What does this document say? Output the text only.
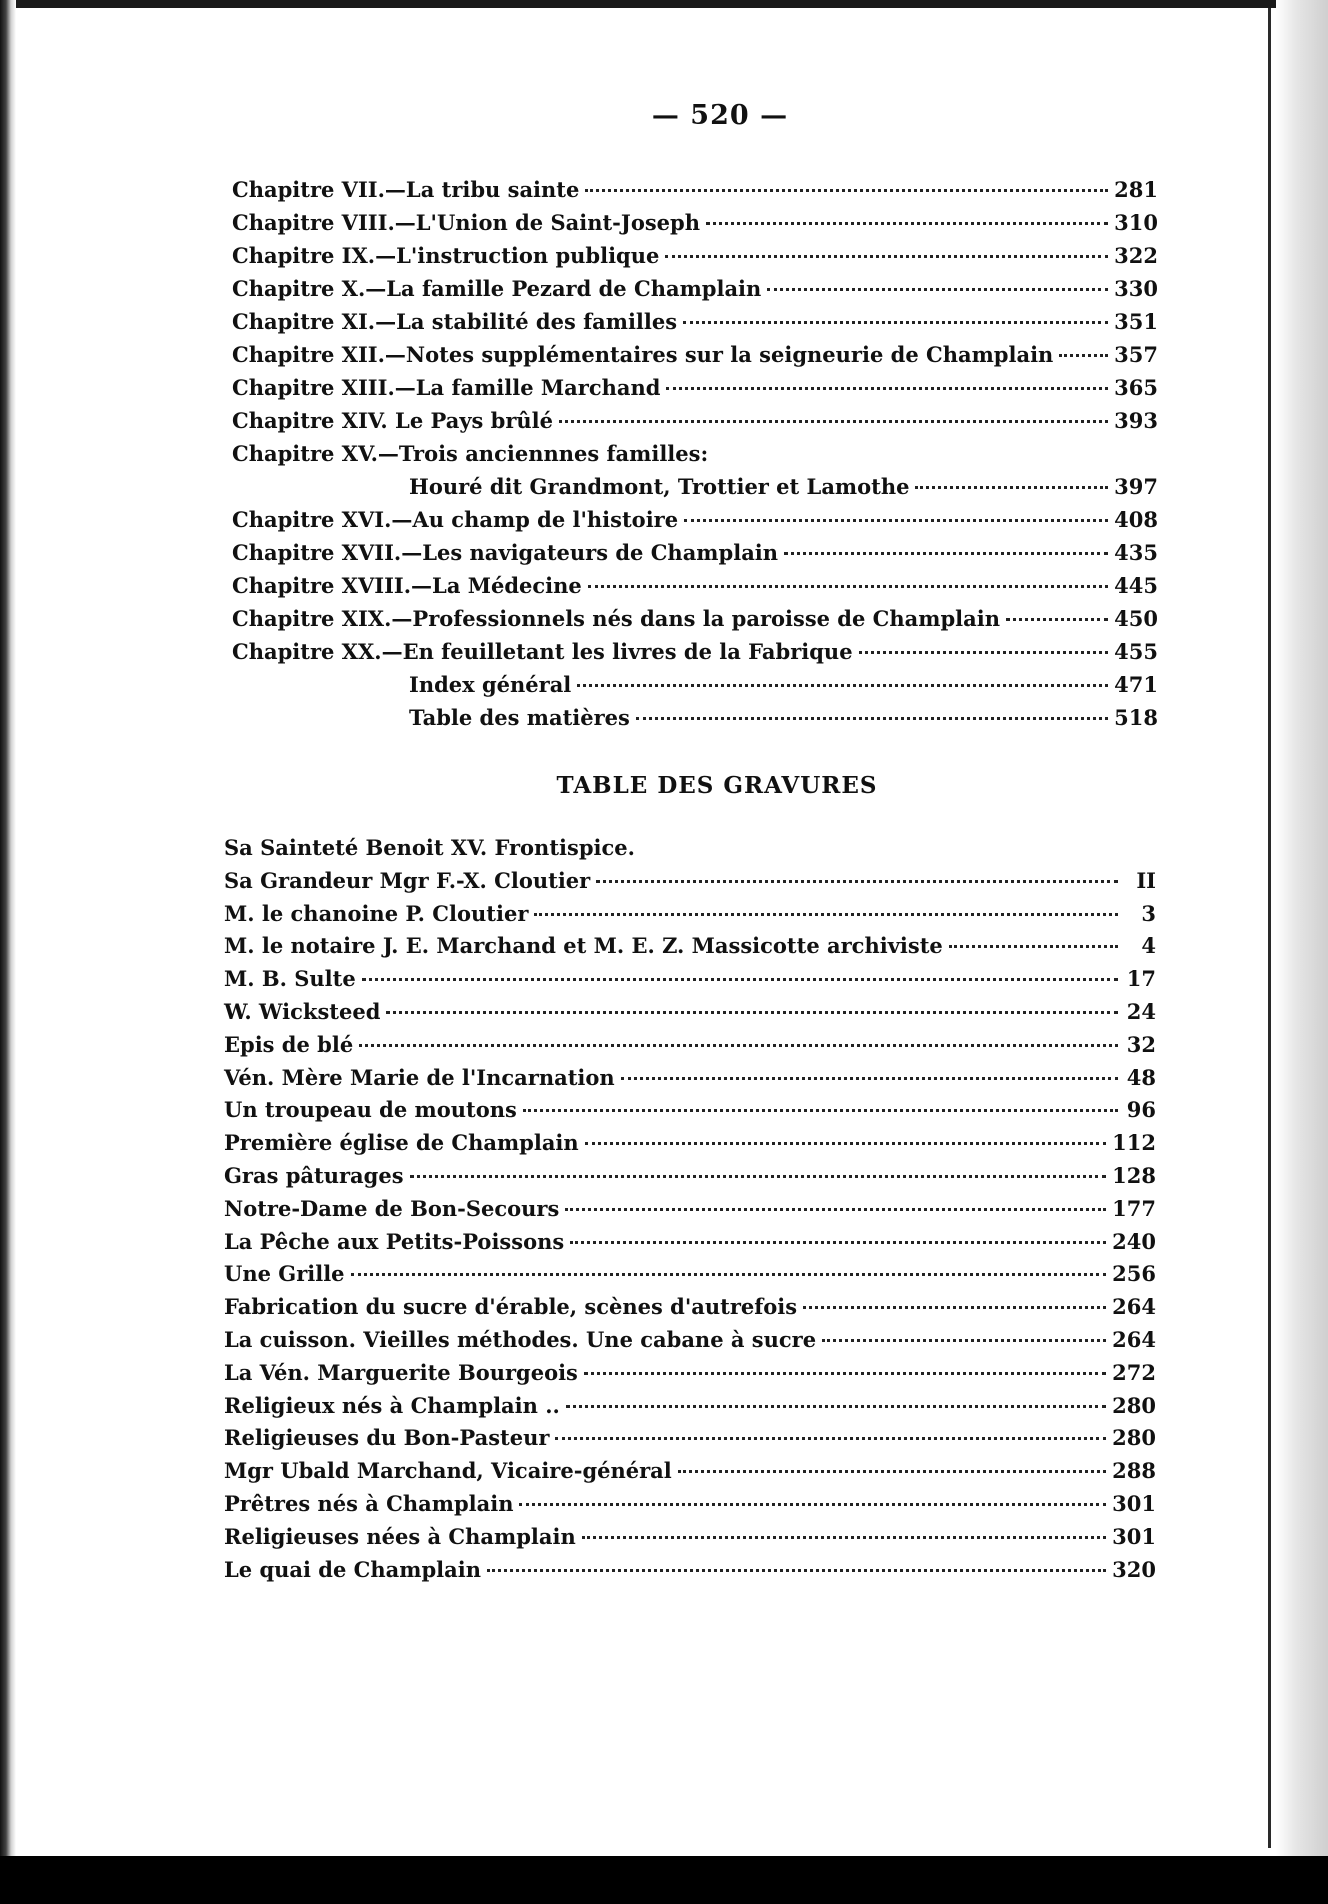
— 520 —
Chapitre VII.—La tribu sainte	281
Chapitre VIII.—L'Union de Saint-Joseph	310
Chapitre IX.—L'instruction publique	322
Chapitre X.—La famille Pezard de Champlain	330
Chapitre XI.—La stabilité des familles	351
Chapitre XII.—Notes supplémentaires sur la seigneurie de Champlain	357
Chapitre XIII.—La famille Marchand	365
Chapitre XIV. Le Pays brûlé	393
Chapitre XV.—Trois anciennnes familles:
Houré dit Grandmont, Trottier et Lamothe	397
Chapitre XVI.—Au champ de l'histoire	408
Chapitre XVII.—Les navigateurs de Champlain	435
Chapitre XVIII.—La Médecine	445
Chapitre XIX.—Professionnels nés dans la paroisse de Champlain	450
Chapitre XX.—En feuilletant les livres de la Fabrique	455
Index général	471
Table des matières	518
TABLE DES GRAVURES
Sa Sainteté Benoit XV. Frontispice.
Sa Grandeur Mgr F.-X. Cloutier	II
M. le chanoine P. Cloutier	3
M. le notaire J. E. Marchand et M. E. Z. Massicotte archiviste	4
M. B. Sulte	17
W. Wicksteed	24
Epis de blé	32
Vén. Mère Marie de l'Incarnation	48
Un troupeau de moutons	96
Première église de Champlain	112
Gras pâturages	128
Notre-Dame de Bon-Secours	177
La Pêche aux Petits-Poissons	240
Une Grille	256
Fabrication du sucre d'érable, scènes d'autrefois	264
La cuisson. Vieilles méthodes. Une cabane à sucre	264
La Vén. Marguerite Bourgeois	272
Religieux nés à Champlain ..	280
Religieuses du Bon-Pasteur	280
Mgr Ubald Marchand, Vicaire-général	288
Prêtres nés à Champlain	301
Religieuses nées à Champlain	301
Le quai de Champlain	320
